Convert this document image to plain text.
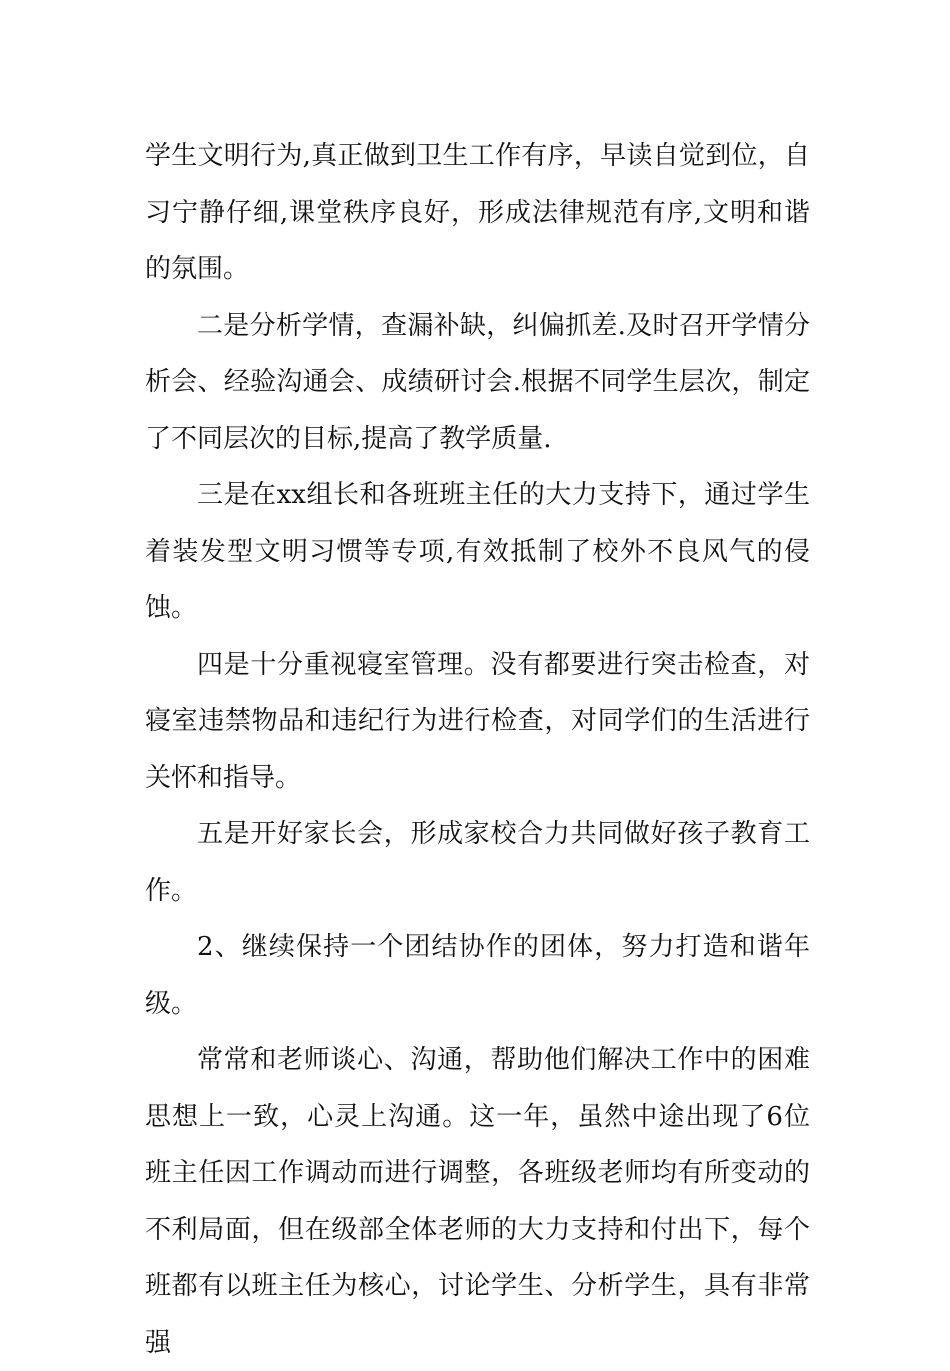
学生文明行为,真正做到卫生工作有序，早读自觉到位，自习宁静仔细,课堂秩序良好，形成法律规范有序,文明和谐的氛围。

二是分析学情，查漏补缺，纠偏抓差.及时召开学情分析会、经验沟通会、成绩研讨会.根据不同学生层次，制定了不同层次的目标,提高了教学质量.

三是在xx组长和各班班主任的大力支持下，通过学生着装发型文明习惯等专项,有效抵制了校外不良风气的侵蚀。

四是十分重视寝室管理。没有都要进行突击检查，对寝室违禁物品和违纪行为进行检查，对同学们的生活进行关怀和指导。

五是开好家长会，形成家校合力共同做好孩子教育工作。

2、继续保持一个团结协作的团体，努力打造和谐年级。

常常和老师谈心、沟通，帮助他们解决工作中的困难思想上一致，心灵上沟通。这一年，虽然中途出现了6位班主任因工作调动而进行调整，各班级老师均有所变动的不利局面，但在级部全体老师的大力支持和付出下，每个班都有以班主任为核心，讨论学生、分析学生，具有非常强
